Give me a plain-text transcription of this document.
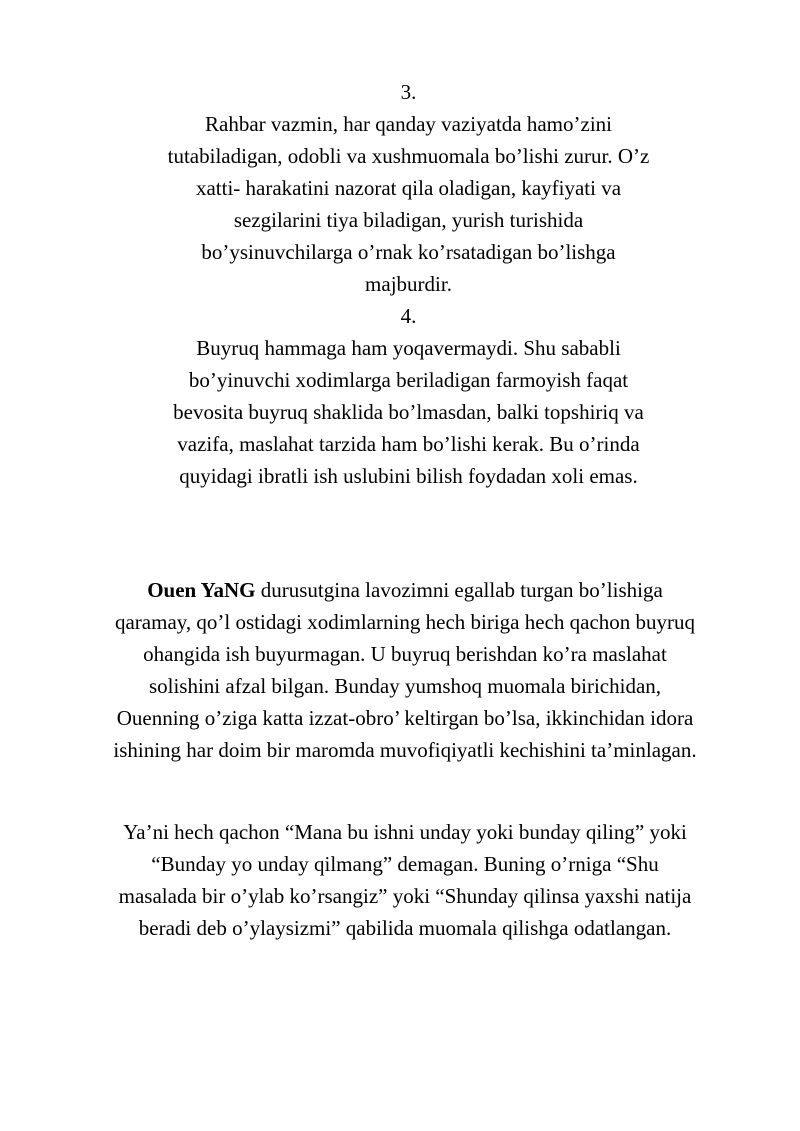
3.
Rahbar vazmin, har qanday vaziyatda hamo’zini tutabiladigan, odobli va xushmuomala bo’lishi zurur. O’z xatti- harakatini nazorat qila oladigan, kayfiyati va sezgilarini tiya biladigan, yurish turishida bo’ysinuvchilarga o’rnak ko’rsatadigan bo’lishga majburdir.
4.
Buyruq hammaga ham yoqavermaydi. Shu sababli bo’yinuvchi xodimlarga beriladigan farmoyish faqat bevosita buyruq shaklida bo’lmasdan, balki topshiriq va vazifa, maslahat tarzida ham bo’lishi kerak. Bu o’rinda quyidagi ibratli ish uslubini bilish foydadan xoli emas.
Ouen YaNG durusutgina lavozimni egallab turgan bo’lishiga qaramay, qo’l ostidagi xodimlarning hech biriga hech qachon buyruq ohangida ish buyurmagan. U buyruq berishdan ko’ra maslahat solishini afzal bilgan. Bunday yumshoq muomala birichidan, Ouenning o’ziga katta izzat-obro’ keltirgan bo’lsa, ikkinchidan idora ishining har doim bir maromda muvofiqiyatli kechishini ta’minlagan.
Ya’ni hech qachon “Mana bu ishni unday yoki bunday qiling” yoki “Bunday yo unday qilmang” demagan. Buning o’rniga “Shu masalada bir o’ylab ko’rsangiz” yoki “Shunday qilinsa yaxshi natija beradi deb o’ylaysizmi” qabilida muomala qilishga odatlangan.
